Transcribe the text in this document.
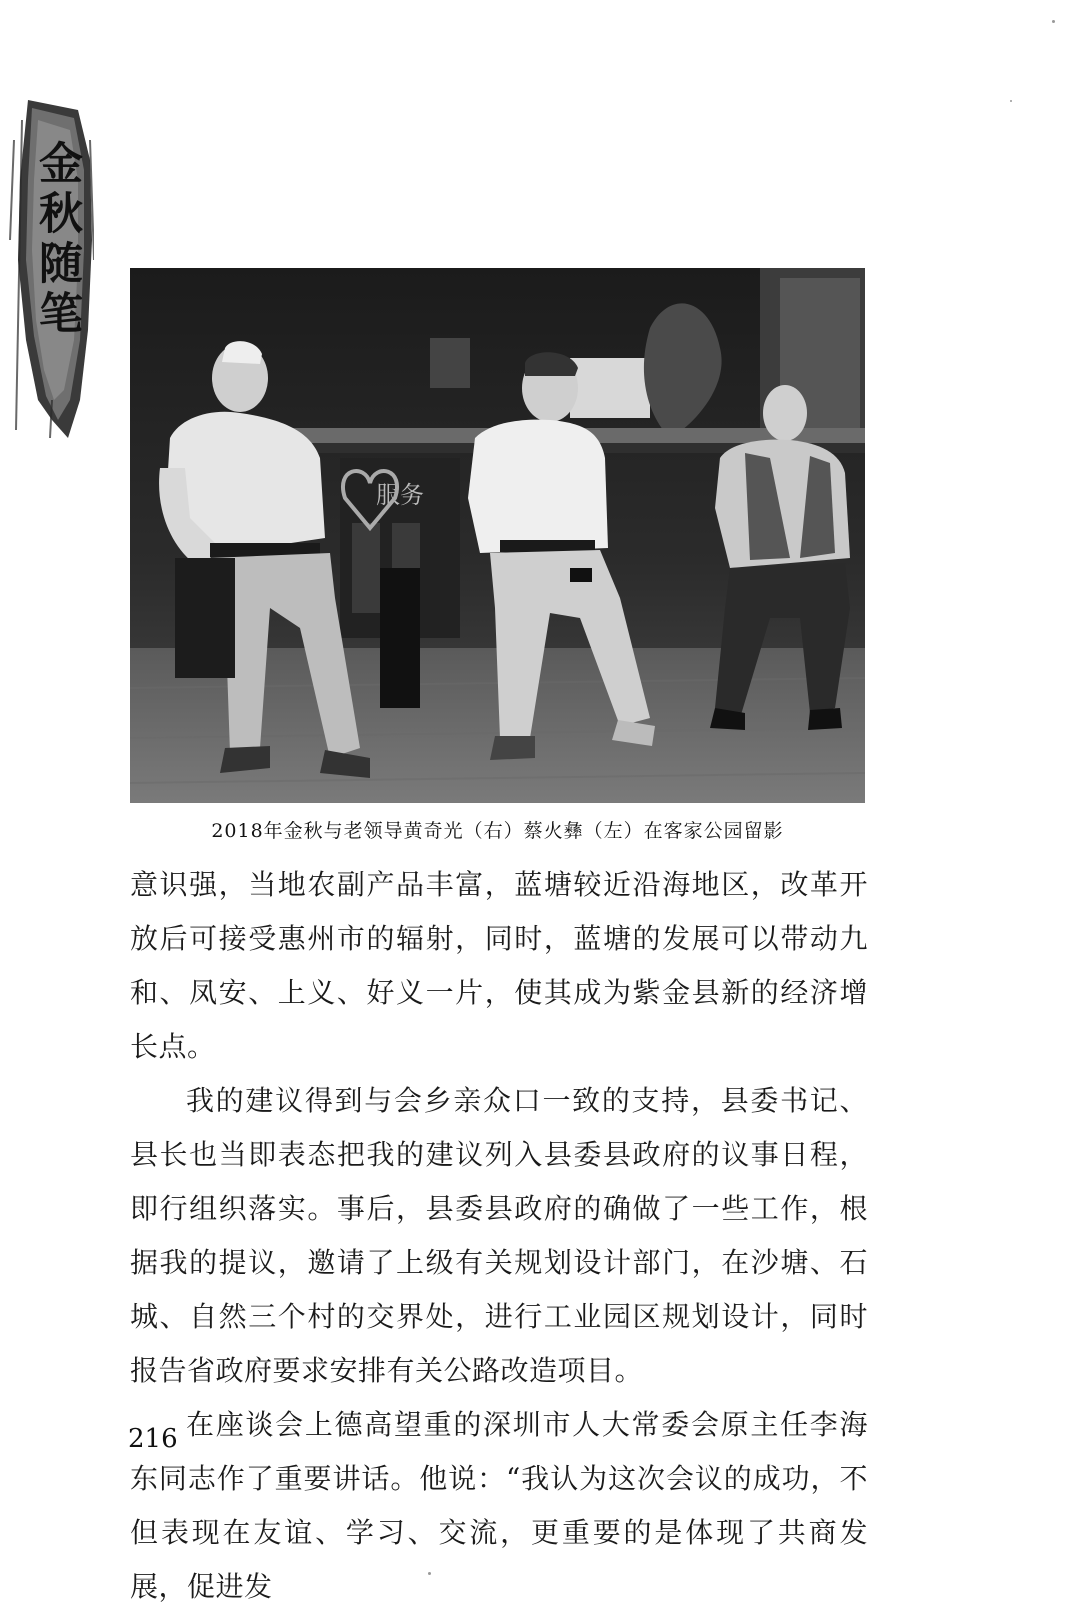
金秋随笔
服务
2018年金秋与老领导黄奇光（右）蔡火彝（左）在客家公园留影

意识强，当地农副产品丰富，蓝塘较近沿海地区，改革开放后可接受惠州市的辐射，同时，蓝塘的发展可以带动九和、凤安、上义、好义一片，使其成为紫金县新的经济增长点。

我的建议得到与会乡亲众口一致的支持，县委书记、县长也当即表态把我的建议列入县委县政府的议事日程，即行组织落实。事后，县委县政府的确做了一些工作，根据我的提议，邀请了上级有关规划设计部门，在沙塘、石城、自然三个村的交界处，进行工业园区规划设计，同时报告省政府要求安排有关公路改造项目。

在座谈会上德高望重的深圳市人大常委会原主任李海东同志作了重要讲话。他说：“我认为这次会议的成功，不但表现在友谊、学习、交流，更重要的是体现了共商发展，促进发

216
